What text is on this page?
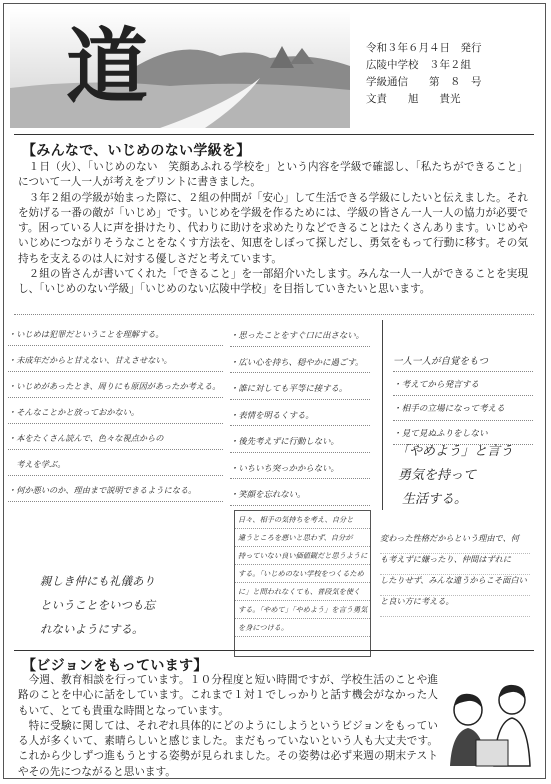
道	令和３年６月４日　発行
広陵中学校　３年２組
学級通信　　第　８　号
文責　　旭　　貴光
【みんなで、いじめのない学級を】

１日（火）、「いじめのない　笑顔あふれる学校を」という内容を学級で確認し、「私たちができること」について一人一人が考えをプリントに書きました。

３年２組の学級が始まった際に、２組の仲間が「安心」して生活できる学級にしたいと伝えました。それを妨げる一番の敵が「いじめ」です。いじめを学級を作るためには、学級の皆さん一人一人の協力が必要です。困っている人に声を掛けたり、代わりに助けを求めたりなどできることはたくさんあります。いじめやいじめにつながりそうなことをなくす方法を、知恵をしぼって探しだし、勇気をもって行動に移す。その気持ちを支えるのは人に対する優しさだと考えています。

２組の皆さんが書いてくれた「できること」を一部紹介いたします。みんな一人一人ができることを実現し、「いじめのない学級」「いじめのない広陵中学校」を目指していきたいと思います。

・いじめは犯罪だということを理解する。
・未成年だからと甘えない、甘えさせない。
・いじめがあったとき、周りにも原因があったか考える。
・そんなことかと放っておかない。
・本をたくさん読んで、色々な視点からの
　考えを学ぶ。
・何か悪いのか、理由まで説明できるようになる。
・思ったことをすぐ口に出さない。
・広い心を持ち、穏やかに過ごす。
・誰に対しても平等に接する。
・表情を明るくする。
・後先考えずに行動しない。
・いちいち突っかからない。
・笑顔を忘れない。
一人一人が自覚をもつ
・考えてから発言する
・相手の立場になって考える
・見て見ぬふりをしない
「やめよう」と言う
勇気を持って
生活する。
親しき仲にも礼儀あり
ということをいつも忘
れないようにする。
日々、相手の気持ちを考え、自分と
違うところを悪いと思わず、自分が
持っていない良い価値観だと思うように
する。「いじめのない学校をつくるため
に」と問われなくても、普段気を使く
する。「やめて」「やめよう」を言う勇気
を身につける。
変わった性格だからという理由で、何
も考えずに嫌ったり、仲間はずれに
したりせず、みんな違うからこそ面白い
と良い方に考える。
【ビジョンをもっています】

今週、教育相談を行っています。１０分程度と短い時間ですが、学校生活のことや進路のことを中心に話をしています。これまで１対１でしっかりと話す機会がなかった人もいて、とても貴重な時間となっています。

特に受験に関しては、それぞれ具体的にどのようにしようというビジョンをもっている人が多くいて、素晴らしいと感じました。まだもっていないという人も大丈夫です。これから少しずつ進もうとする姿勢が見られました。その姿勢は必ず来週の期末テストやその先につながると思います。
